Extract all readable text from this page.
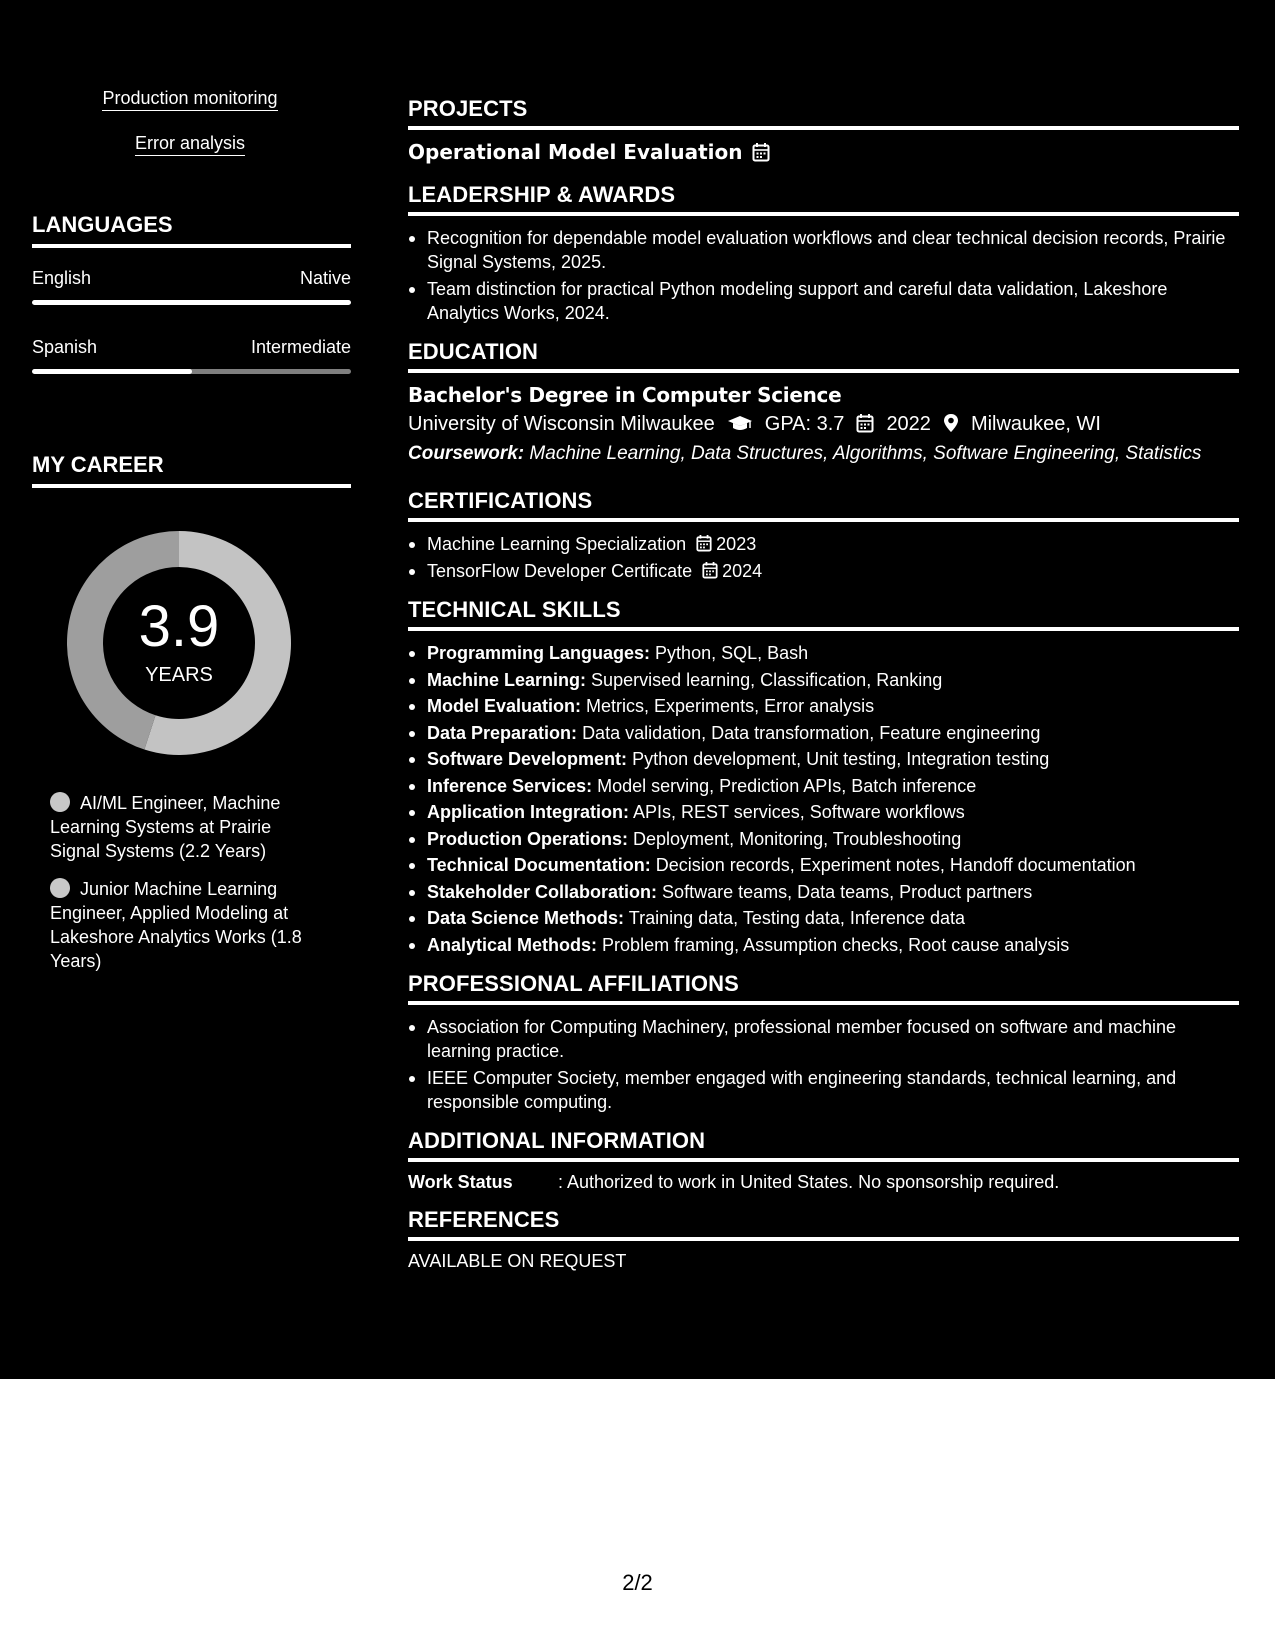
Production monitoring
Error analysis
LANGUAGES
English	Native
Spanish	Intermediate
MY CAREER
3.9
YEARS
AI/ML Engineer, Machine Learning Systems at Prairie Signal Systems (2.2 Years)
Junior Machine Learning Engineer, Applied Modeling at Lakeshore Analytics Works (1.8 Years)
PROJECTS
Operational Model Evaluation
LEADERSHIP & AWARDS
Recognition for dependable model evaluation workflows and clear technical decision records, Prairie Signal Systems, 2025.
Team distinction for practical Python modeling support and careful data validation, Lakeshore Analytics Works, 2024.
EDUCATION
Bachelor's Degree in Computer Science
University of Wisconsin Milwaukee	GPA: 3.7 2022 Milwaukee, WI
Coursework: Machine Learning, Data Structures, Algorithms, Software Engineering, Statistics
CERTIFICATIONS
Machine Learning Specialization 2023
TensorFlow Developer Certificate 2024
TECHNICAL SKILLS
Programming Languages: Python, SQL, Bash
Machine Learning: Supervised learning, Classification, Ranking
Model Evaluation: Metrics, Experiments, Error analysis
Data Preparation: Data validation, Data transformation, Feature engineering
Software Development: Python development, Unit testing, Integration testing
Inference Services: Model serving, Prediction APIs, Batch inference
Application Integration: APIs, REST services, Software workflows
Production Operations: Deployment, Monitoring, Troubleshooting
Technical Documentation: Decision records, Experiment notes, Handoff documentation
Stakeholder Collaboration: Software teams, Data teams, Product partners
Data Science Methods: Training data, Testing data, Inference data
Analytical Methods: Problem framing, Assumption checks, Root cause analysis
PROFESSIONAL AFFILIATIONS
Association for Computing Machinery, professional member focused on software and machine learning practice.
IEEE Computer Society, member engaged with engineering standards, technical learning, and responsible computing.
ADDITIONAL INFORMATION
Work Status	: Authorized to work in United States. No sponsorship required.
REFERENCES
AVAILABLE ON REQUEST
2/2
